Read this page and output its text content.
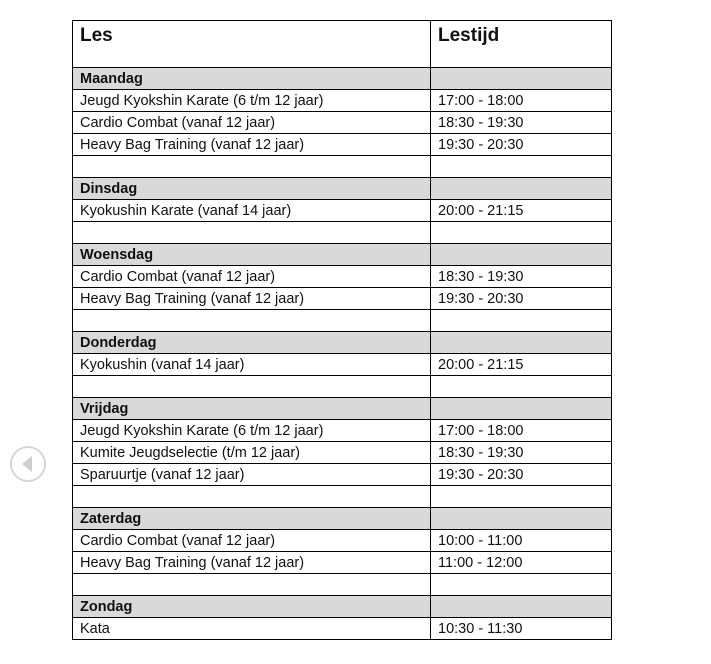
Les	Lestijd
Maandag	
Jeugd Kyokshin Karate (6 t/m 12 jaar)	17:00 - 18:00
Cardio Combat (vanaf 12 jaar)	18:30 - 19:30
Heavy Bag Training (vanaf 12 jaar)	19:30 - 20:30

Dinsdag	
Kyokushin Karate (vanaf 14 jaar)	20:00 - 21:15

Woensdag	
Cardio Combat (vanaf 12 jaar)	18:30 - 19:30
Heavy Bag Training (vanaf 12 jaar)	19:30 - 20:30

Donderdag	
Kyokushin (vanaf 14 jaar)	20:00 - 21:15

Vrijdag	
Jeugd Kyokshin Karate (6 t/m 12 jaar)	17:00 - 18:00
Kumite Jeugdselectie (t/m 12 jaar)	18:30 - 19:30
Sparuurtje (vanaf 12 jaar)	19:30 - 20:30

Zaterdag	
Cardio Combat (vanaf 12 jaar)	10:00 - 11:00
Heavy Bag Training (vanaf 12 jaar)	11:00 - 12:00

Zondag	
Kata	10:30 - 11:30
